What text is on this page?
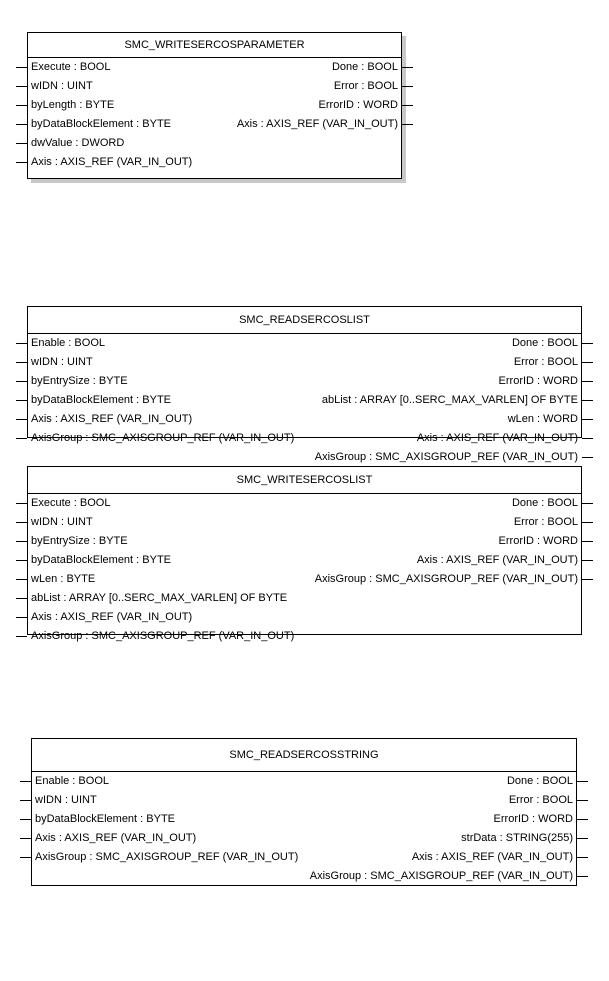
SMC_WRITESERCOSPARAMETER
Execute : BOOL
wIDN : UINT
byLength : BYTE
byDataBlockElement : BYTE
dwValue : DWORD
Axis : AXIS_REF (VAR_IN_OUT)
Done : BOOL
Error : BOOL
ErrorID : WORD
Axis : AXIS_REF (VAR_IN_OUT)
SMC_READSERCOSLIST
Enable : BOOL
wIDN : UINT
byEntrySize : BYTE
byDataBlockElement : BYTE
Axis : AXIS_REF (VAR_IN_OUT)
AxisGroup : SMC_AXISGROUP_REF (VAR_IN_OUT)
Done : BOOL
Error : BOOL
ErrorID : WORD
abList : ARRAY [0..SERC_MAX_VARLEN] OF BYTE
wLen : WORD
Axis : AXIS_REF (VAR_IN_OUT)
AxisGroup : SMC_AXISGROUP_REF (VAR_IN_OUT)
SMC_WRITESERCOSLIST
Execute : BOOL
wIDN : UINT
byEntrySize : BYTE
byDataBlockElement : BYTE
wLen : BYTE
abList : ARRAY [0..SERC_MAX_VARLEN] OF BYTE
Axis : AXIS_REF (VAR_IN_OUT)
AxisGroup : SMC_AXISGROUP_REF (VAR_IN_OUT)
Done : BOOL
Error : BOOL
ErrorID : WORD
Axis : AXIS_REF (VAR_IN_OUT)
AxisGroup : SMC_AXISGROUP_REF (VAR_IN_OUT)
SMC_READSERCOSSTRING
Enable : BOOL
wIDN : UINT
byDataBlockElement : BYTE
Axis : AXIS_REF (VAR_IN_OUT)
AxisGroup : SMC_AXISGROUP_REF (VAR_IN_OUT)
Done : BOOL
Error : BOOL
ErrorID : WORD
strData : STRING(255)
Axis : AXIS_REF (VAR_IN_OUT)
AxisGroup : SMC_AXISGROUP_REF (VAR_IN_OUT)
